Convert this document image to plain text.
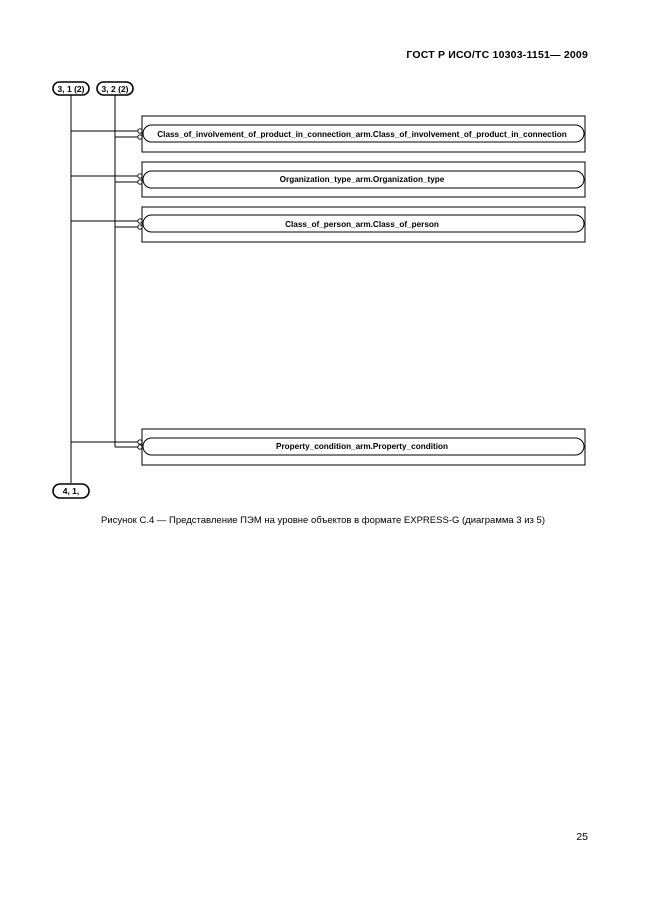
ГОСТ Р ИСО/ТС 10303-1151— 2009
3, 1 (2) 3, 2 (2)
Class_of_involvement_of_product_in_connection_arm.Class_of_involvement_of_product_in_connection
Organization_type_arm.Organization_type
Class_of_person_arm.Class_of_person
Property_condition_arm.Property_condition
4, 1,
Рисунок С.4 — Представление ПЭМ на уровне объектов в формате EXPRESS-G (диаграмма 3 из 5)
25
